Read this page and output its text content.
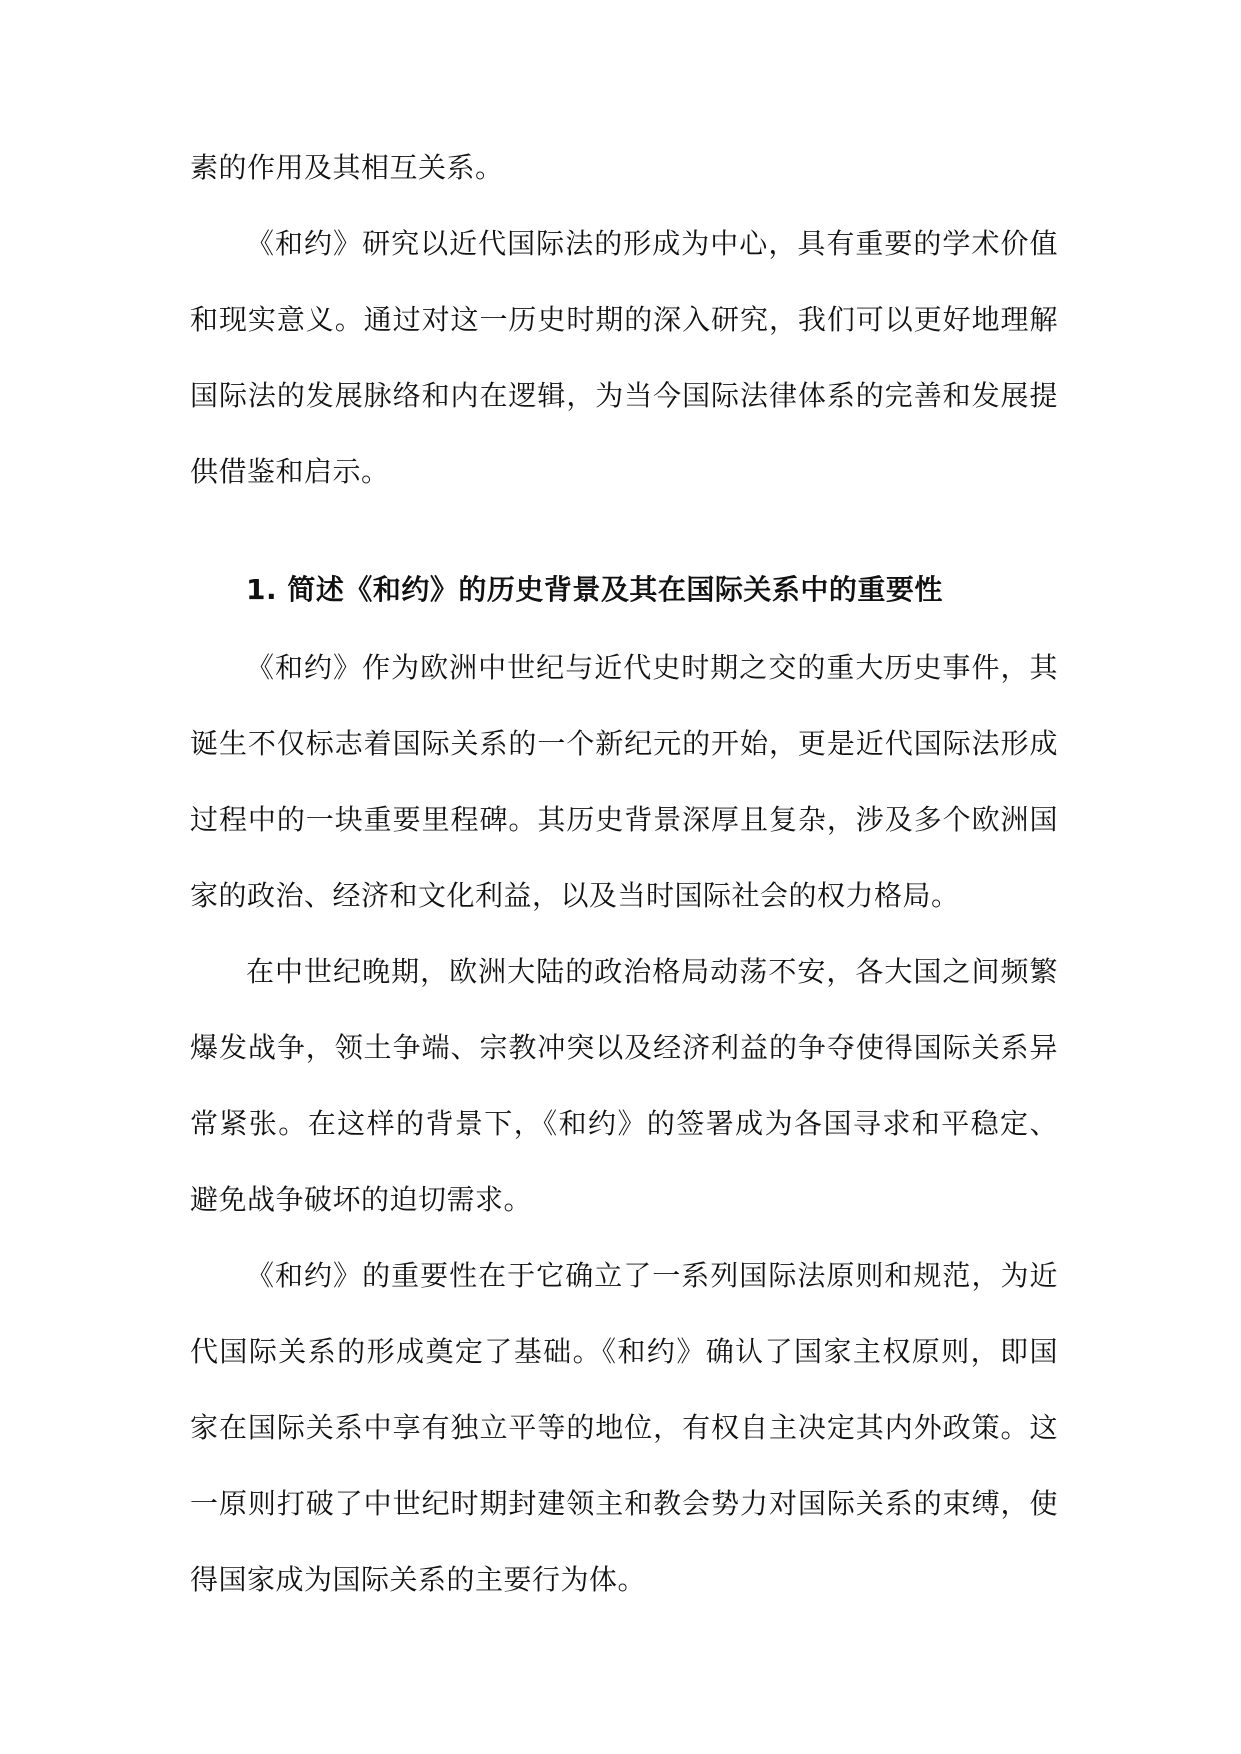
素的作用及其相互关系。

《和约》研究以近代国际法的形成为中心，具有重要的学术价值和现实意义。通过对这一历史时期的深入研究，我们可以更好地理解国际法的发展脉络和内在逻辑，为当今国际法律体系的完善和发展提供借鉴和启示。

1. 简述《和约》的历史背景及其在国际关系中的重要性

《和约》作为欧洲中世纪与近代史时期之交的重大历史事件，其诞生不仅标志着国际关系的一个新纪元的开始，更是近代国际法形成过程中的一块重要里程碑。其历史背景深厚且复杂，涉及多个欧洲国家的政治、经济和文化利益，以及当时国际社会的权力格局。

在中世纪晚期，欧洲大陆的政治格局动荡不安，各大国之间频繁爆发战争，领土争端、宗教冲突以及经济利益的争夺使得国际关系异常紧张。在这样的背景下，《和约》的签署成为各国寻求和平稳定、避免战争破坏的迫切需求。

《和约》的重要性在于它确立了一系列国际法原则和规范，为近代国际关系的形成奠定了基础。《和约》确认了国家主权原则，即国家在国际关系中享有独立平等的地位，有权自主决定其内外政策。这一原则打破了中世纪时期封建领主和教会势力对国际关系的束缚，使得国家成为国际关系的主要行为体。
